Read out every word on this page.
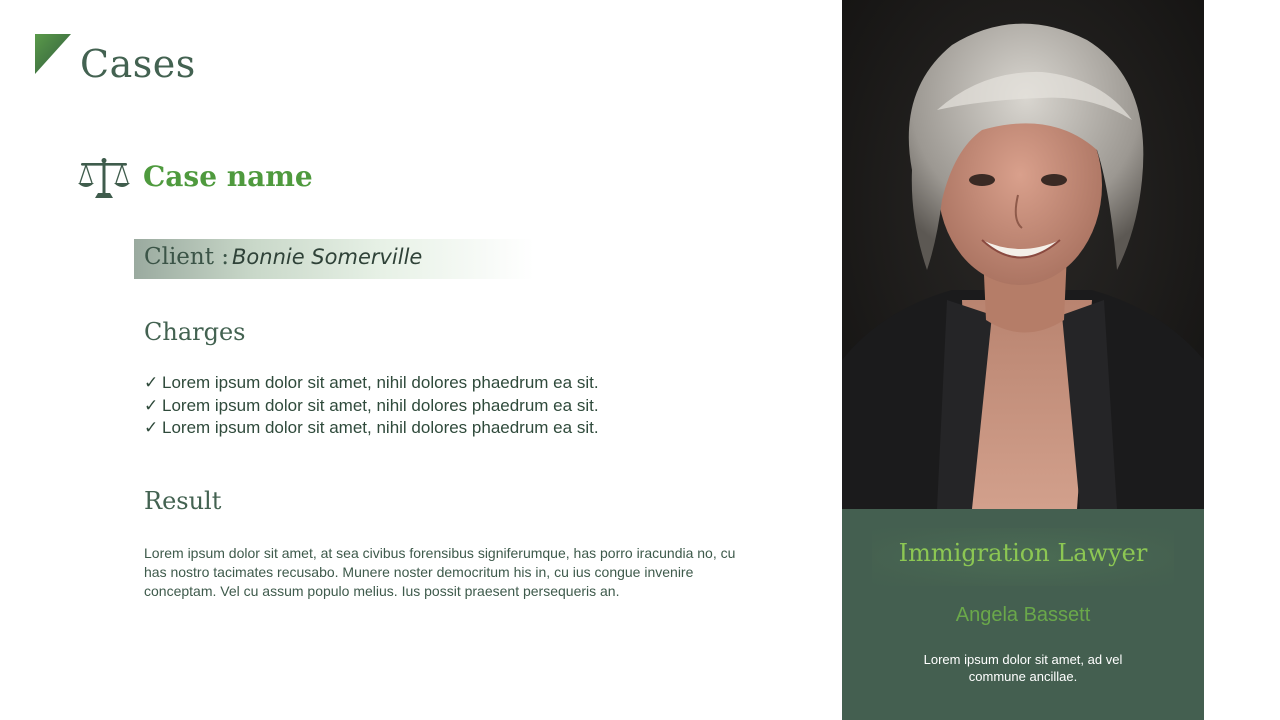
Cases
Case name
Client : Bonnie Somerville
Charges
✓ Lorem ipsum dolor sit amet, nihil dolores phaedrum ea sit.
✓ Lorem ipsum dolor sit amet, nihil dolores phaedrum ea sit.
✓ Lorem ipsum dolor sit amet, nihil dolores phaedrum ea sit.
Result

Lorem ipsum dolor sit amet, at sea civibus forensibus signiferumque, has porro iracundia no, cu has nostro tacimates recusabo. Munere noster democritum his in, cu ius congue invenire conceptam. Vel cu assum populo melius. Ius possit praesent persequeris an.

Immigration Lawyer
Angela Bassett

Lorem ipsum dolor sit amet, ad vel commune ancillae.
